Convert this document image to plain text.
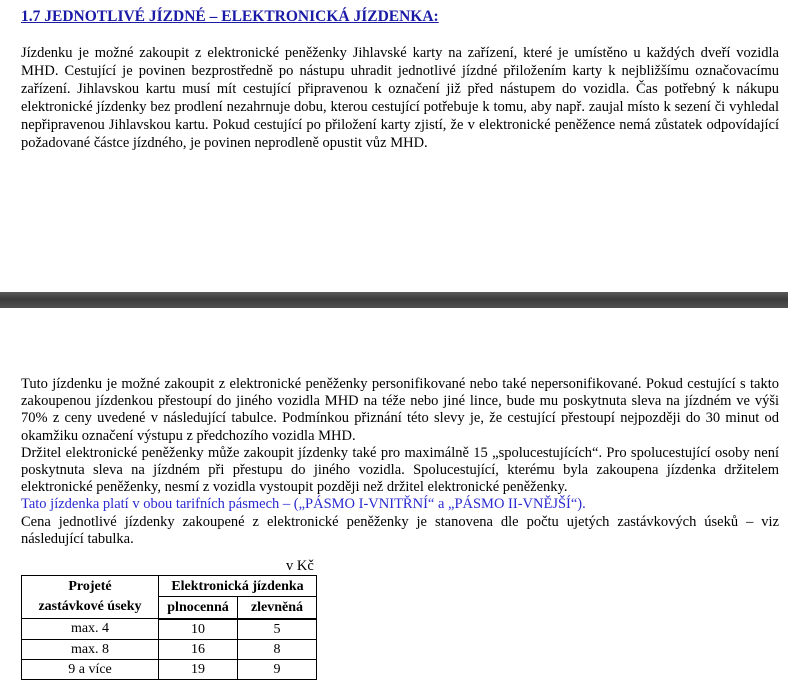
1.7 JEDNOTLIVÉ JÍZDNÉ – ELEKTRONICKÁ JÍZDENKA:

Jízdenku je možné zakoupit z elektronické peněženky Jihlavské karty na zařízení, které je umístěno u každých dveří vozidla MHD. Cestující je povinen bezprostředně po nástupu uhradit jednotlivé jízdné přiložením karty k nejbližšímu označovacímu zařízení. Jihlavskou kartu musí mít cestující připravenou k označení již před nástupem do vozidla. Čas potřebný k nákupu elektronické jízdenky bez prodlení nezahrnuje dobu, kterou cestující potřebuje k tomu, aby např. zaujal místo k sezení či vyhledal nepřipravenou Jihlavskou kartu. Pokud cestující po přiložení karty zjistí, že v elektronické peněžence nemá zůstatek odpovídající požadované částce jízdného, je povinen neprodleně opustit vůz MHD.

Tuto jízdenku je možné zakoupit z elektronické peněženky personifikované nebo také nepersonifikované. Pokud cestující s takto zakoupenou jízdenkou přestoupí do jiného vozidla MHD na téže nebo jiné lince, bude mu poskytnuta sleva na jízdném ve výši 70% z ceny uvedené v následující tabulce. Podmínkou přiznání této slevy je, že cestující přestoupí nejpozději do 30 minut od okamžiku označení výstupu z předchozího vozidla MHD.
Držitel elektronické peněženky může zakoupit jízdenky také pro maximálně 15 „spolucestujících“. Pro spolucestující osoby není poskytnuta sleva na jízdném při přestupu do jiného vozidla. Spolucestující, kterému byla zakoupena jízdenka držitelem elektronické peněženky, nesmí z vozidla vystoupit později než držitel elektronické peněženky.
Tato jízdenka platí v obou tarifních pásmech – („PÁSMO I-VNITŘNÍ“ a „PÁSMO II-VNĚJŠÍ“).
Cena jednotlivé jízdenky zakoupené z elektronické peněženky je stanovena dle počtu ujetých zastávkových úseků – viz následující tabulka.
v Kč
Projeté
zastávkové úseky	Elektronická jízdenka	
	plnocenná	zlevněná
max. 4	10	5
max. 8	16	8
9 a více	19	9
